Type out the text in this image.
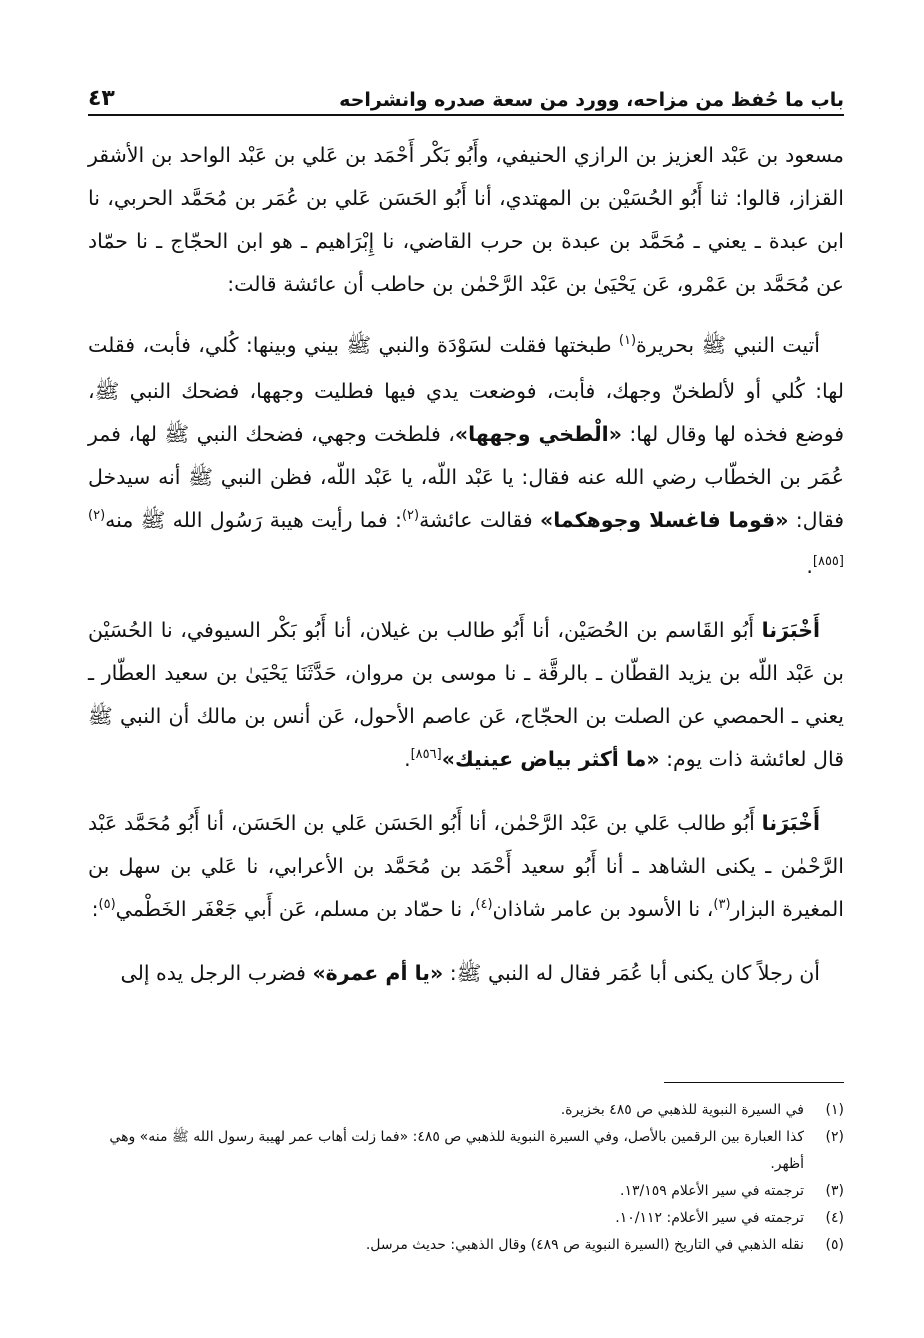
باب ما حُفظ من مزاحه، وورد من سعة صدره وانشراحه
٤٣

مسعود بن عَبْد العزيز بن الرازي الحنيفي، وأَبُو بَكْر أَحْمَد بن عَلي بن عَبْد الواحد بن الأشقر القزاز، قالوا: ثنا أَبُو الحُسَيْن بن المهتدي، أنا أَبُو الحَسَن عَلي بن عُمَر بن مُحَمَّد الحربي، نا ابن عبدة ـ يعني ـ مُحَمَّد بن عبدة بن حرب القاضي، نا إِبْرَاهيم ـ هو ابن الحجّاج ـ نا حمّاد عن مُحَمَّد بن عَمْرو، عَن يَحْيَىٰ بن عَبْد الرَّحْمٰن بن حاطب أن عائشة قالت:

أتيت النبي ﷺ بحريرة$^{(١)}$ طبختها فقلت لسَوْدَة والنبي ﷺ بيني وبينها: كُلي، فأبت، فقلت لها: كُلي أو لألطخنّ وجهك، فأبت، فوضعت يدي فيها فطليت وجهها، فضحك النبي ﷺ، فوضع فخذه لها وقال لها: «الْطخي وجهها»، فلطخت وجهي، فضحك النبي ﷺ لها، فمر عُمَر بن الخطّاب رضي الله عنه فقال: يا عَبْد اللّه، يا عَبْد اللّه، فظن النبي ﷺ أنه سيدخل فقال: «قوما فاغسلا وجوهكما» فقالت عائشة$^{(٢)}$: فما رأيت هيبة رَسُول الله ﷺ منه$^{(٢)[٨٥٥]}$.

أَخْبَرَنا أَبُو القَاسم بن الحُصَيْن، أنا أَبُو طالب بن غيلان، أنا أَبُو بَكْر السيوفي، نا الحُسَيْن بن عَبْد اللّه بن يزيد القطّان ـ بالرقَّة ـ نا موسى بن مروان، حَدَّثَنَا يَحْيَىٰ بن سعيد العطّار ـ يعني ـ الحمصي عن الصلت بن الحجّاج، عَن عاصم الأحول، عَن أنس بن مالك أن النبي ﷺ قال لعائشة ذات يوم: «ما أكثر بياض عينيك»[٨٥٦].

أَخْبَرَنا أَبُو طالب عَلي بن عَبْد الرَّحْمٰن، أنا أَبُو الحَسَن عَلي بن الحَسَن، أنا أَبُو مُحَمَّد عَبْد الرَّحْمٰن ـ يكنى الشاهد ـ أنا أَبُو سعيد أَحْمَد بن مُحَمَّد بن الأعرابي، نا عَلي بن سهل بن المغيرة البزار$^{(٣)}$، نا الأسود بن عامر شاذان$^{(٤)}$، نا حمّاد بن مسلم، عَن أَبي جَعْفَر الخَطْمي$^{(٥)}$:

أن رجلاً كان يكنى أبا عُمَر فقال له النبي ﷺ: «يا أم عمرة» فضرب الرجل يده إلى

(١)
في السيرة النبوية للذهبي ص ٤٨٥ بخزيرة.
(٢)
كذا العبارة بين الرقمين بالأصل، وفي السيرة النبوية للذهبي ص ٤٨٥: «فما زلت أهاب عمر لهيبة رسول الله ﷺ منه» وهي أظهر.
(٣)
ترجمته في سير الأعلام ١٣/١٥٩.
(٤)
ترجمته في سير الأعلام: ١٠/١١٢.
(٥)
نقله الذهبي في التاريخ (السيرة النبوية ص ٤٨٩) وقال الذهبي: حديث مرسل.
